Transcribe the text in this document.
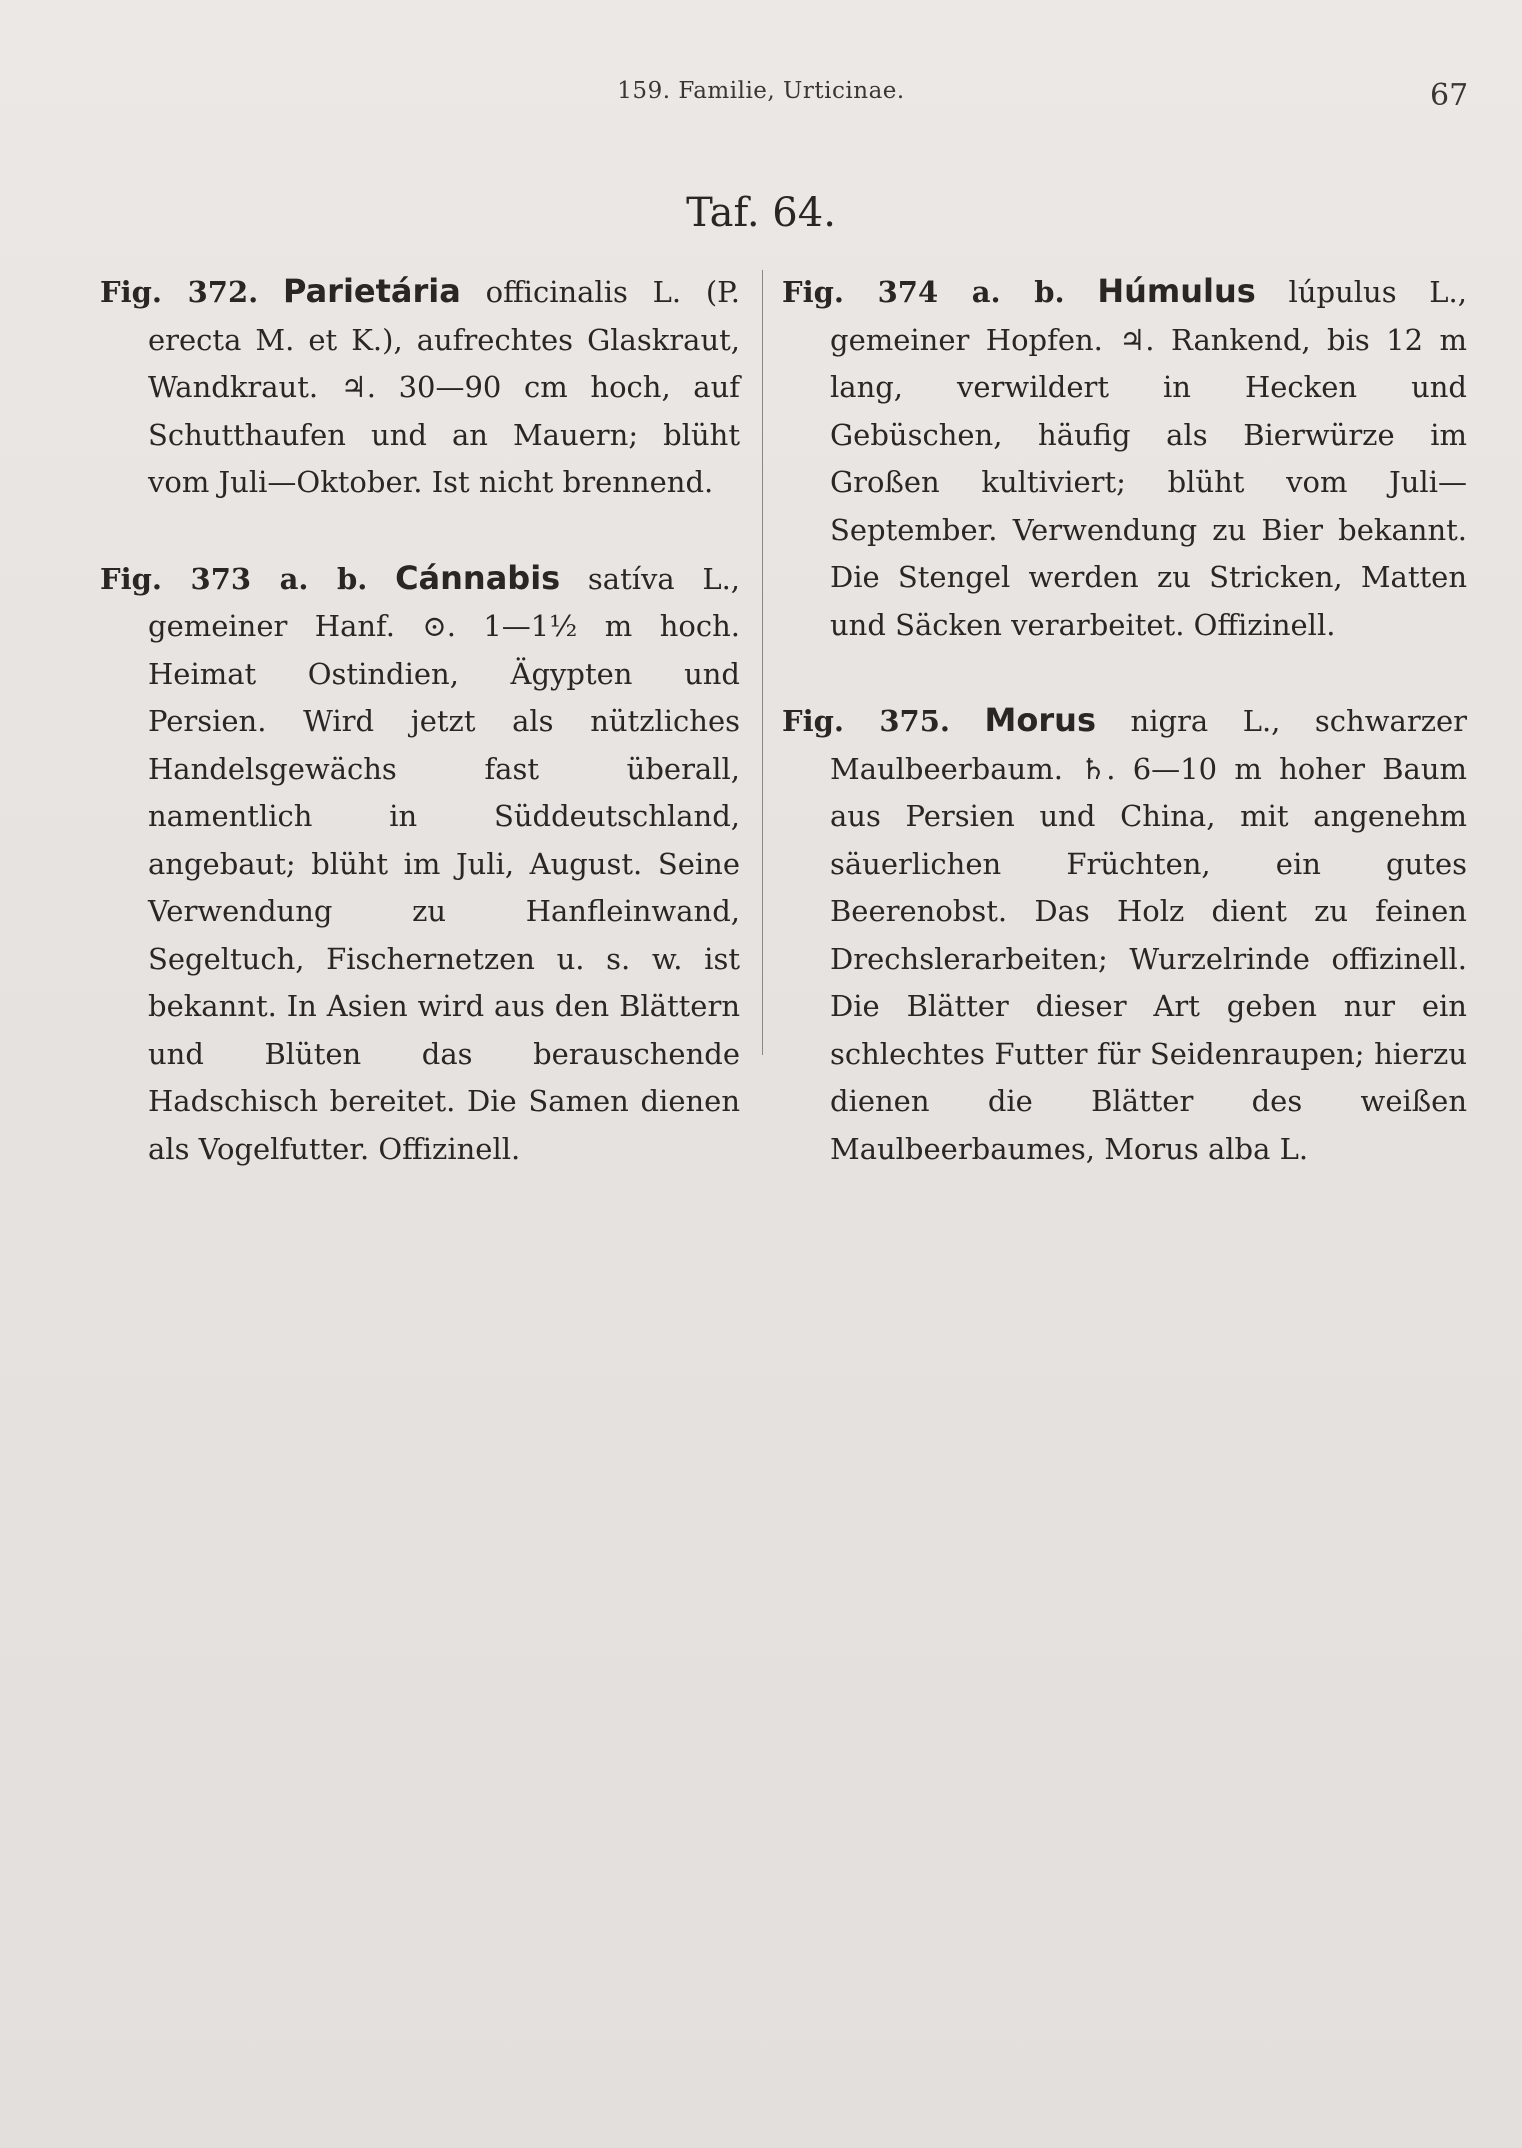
159. Familie, Urticinae.	67
Taf. 64.

Fig. 372. Parietária officinalis L. (P. erecta M. et K.), aufrechtes Glaskraut, Wandkraut. ♃. 30—90 cm hoch, auf Schutthaufen und an Mauern; blüht vom Juli—Oktober. Ist nicht brennend.

Fig. 373 a. b. Cánnabis satíva L., gemeiner Hanf. ⊙. 1—1½ m hoch. Heimat Ostindien, Ägypten und Persien. Wird jetzt als nützliches Handelsgewächs fast überall, namentlich in Süddeutschland, angebaut; blüht im Juli, August. Seine Verwendung zu Hanfleinwand, Segeltuch, Fischernetzen u. s. w. ist bekannt. In Asien wird aus den Blättern und Blüten das berauschende Hadschisch bereitet. Die Samen dienen als Vogelfutter. Offizinell.

Fig. 374 a. b. Húmulus lúpulus L., gemeiner Hopfen. ♃. Rankend, bis 12 m lang, verwildert in Hecken und Gebüschen, häufig als Bierwürze im Großen kultiviert; blüht vom Juli—September. Verwendung zu Bier bekannt. Die Stengel werden zu Stricken, Matten und Säcken verarbeitet. Offizinell.

Fig. 375. Morus nigra L., schwarzer Maulbeerbaum. ♄. 6—10 m hoher Baum aus Persien und China, mit angenehm säuerlichen Früchten, ein gutes Beerenobst. Das Holz dient zu feinen Drechslerarbeiten; Wurzelrinde offizinell. Die Blätter dieser Art geben nur ein schlechtes Futter für Seidenraupen; hierzu dienen die Blätter des weißen Maulbeerbaumes, Morus alba L.
